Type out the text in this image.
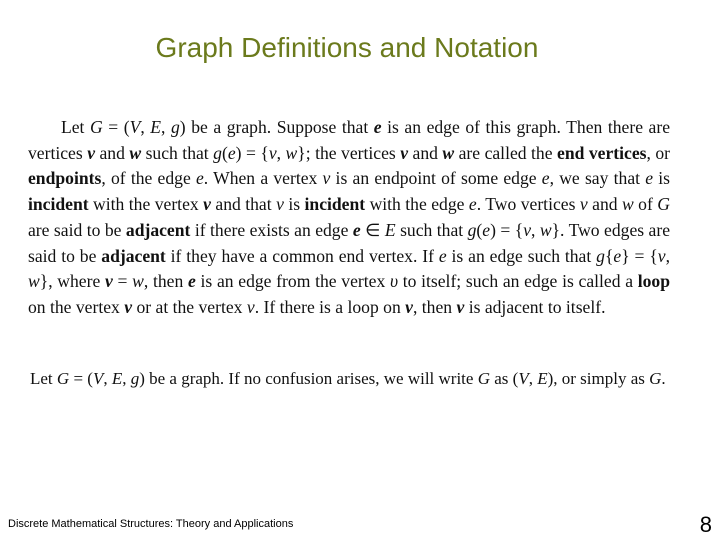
Graph Definitions and Notation
Let G = (V, E, g) be a graph. Suppose that e is an edge of this graph. Then there are vertices v and w such that g(e) = {v, w}; the vertices v and w are called the end vertices, or endpoints, of the edge e. When a vertex v is an endpoint of some edge e, we say that e is incident with the vertex v and that v is incident with the edge e. Two vertices v and w of G are said to be adjacent if there exists an edge e ∈ E such that g(e) = {v, w}. Two edges are said to be adjacent if they have a common end vertex. If e is an edge such that g{e} = {v, w}, where v = w, then e is an edge from the vertex υ to itself; such an edge is called a loop on the vertex v or at the vertex v. If there is a loop on v, then v is adjacent to itself.
Let G = (V, E, g) be a graph. If no confusion arises, we will write G as (V, E), or simply as G.
Discrete Mathematical Structures: Theory and Applications	8
